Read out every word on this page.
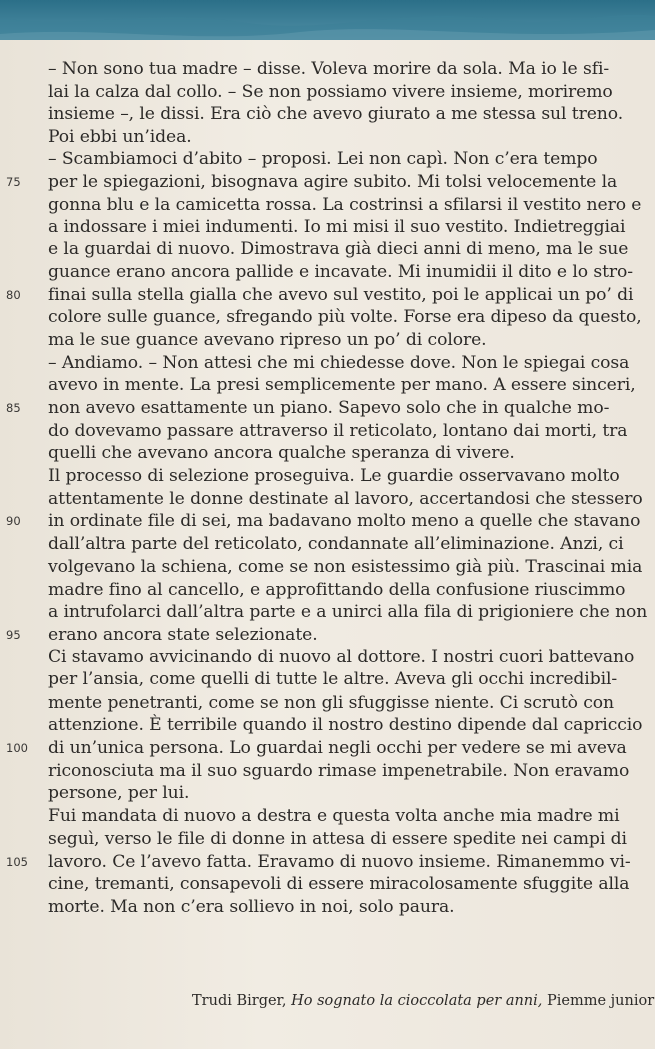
– Non sono tua madre – disse. Voleva morire da sola. Ma io le sfi-
lai la calza dal collo. – Se non possiamo vivere insieme, moriremo
insieme –, le dissi. Era ciò che avevo giurato a me stessa sul treno.
Poi ebbi un’idea.
– Scambiamoci d’abito – proposi. Lei non capì. Non c’era tempo
per le spiegazioni, bisognava agire subito. Mi tolsi velocemente la
gonna blu e la camicetta rossa. La costrinsi a sfilarsi il vestito nero e
a indossare i miei indumenti. Io mi misi il suo vestito. Indietreggiai
e la guardai di nuovo. Dimostrava già dieci anni di meno, ma le sue
guance erano ancora pallide e incavate. Mi inumidii il dito e lo stro-
finai sulla stella gialla che avevo sul vestito, poi le applicai un po’ di
colore sulle guance, sfregando più volte. Forse era dipeso da questo,
ma le sue guance avevano ripreso un po’ di colore.
– Andiamo. – Non attesi che mi chiedesse dove. Non le spiegai cosa
avevo in mente. La presi semplicemente per mano. A essere sinceri,
non avevo esattamente un piano. Sapevo solo che in qualche mo-
do dovevamo passare attraverso il reticolato, lontano dai morti, tra
quelli che avevano ancora qualche speranza di vivere.
Il processo di selezione proseguiva. Le guardie osservavano molto
attentamente le donne destinate al lavoro, accertandosi che stessero
in ordinate file di sei, ma badavano molto meno a quelle che stavano
dall’altra parte del reticolato, condannate all’eliminazione. Anzi, ci
volgevano la schiena, come se non esistessimo già più. Trascinai mia
madre fino al cancello, e approfittando della confusione riuscimmo
a intrufolarci dall’altra parte e a unirci alla fila di prigioniere che non
erano ancora state selezionate.
Ci stavamo avvicinando di nuovo al dottore. I nostri cuori battevano
per l’ansia, come quelli di tutte le altre. Aveva gli occhi incredibil-
mente penetranti, come se non gli sfuggisse niente. Ci scrutò con
attenzione. È terribile quando il nostro destino dipende dal capriccio
di un’unica persona. Lo guardai negli occhi per vedere se mi aveva
riconosciuta ma il suo sguardo rimase impenetrabile. Non eravamo
persone, per lui.
Fui mandata di nuovo a destra e questa volta anche mia madre mi
seguì, verso le file di donne in attesa di essere spedite nei campi di
lavoro. Ce l’avevo fatta. Eravamo di nuovo insieme. Rimanemmo vi-
cine, tremanti, consapevoli di essere miracolosamente sfuggite alla
morte. Ma non c’era sollievo in noi, solo paura.
75
80
85
90
95
100
105
Trudi Birger, Ho sognato la cioccolata per anni, Piemme junior
